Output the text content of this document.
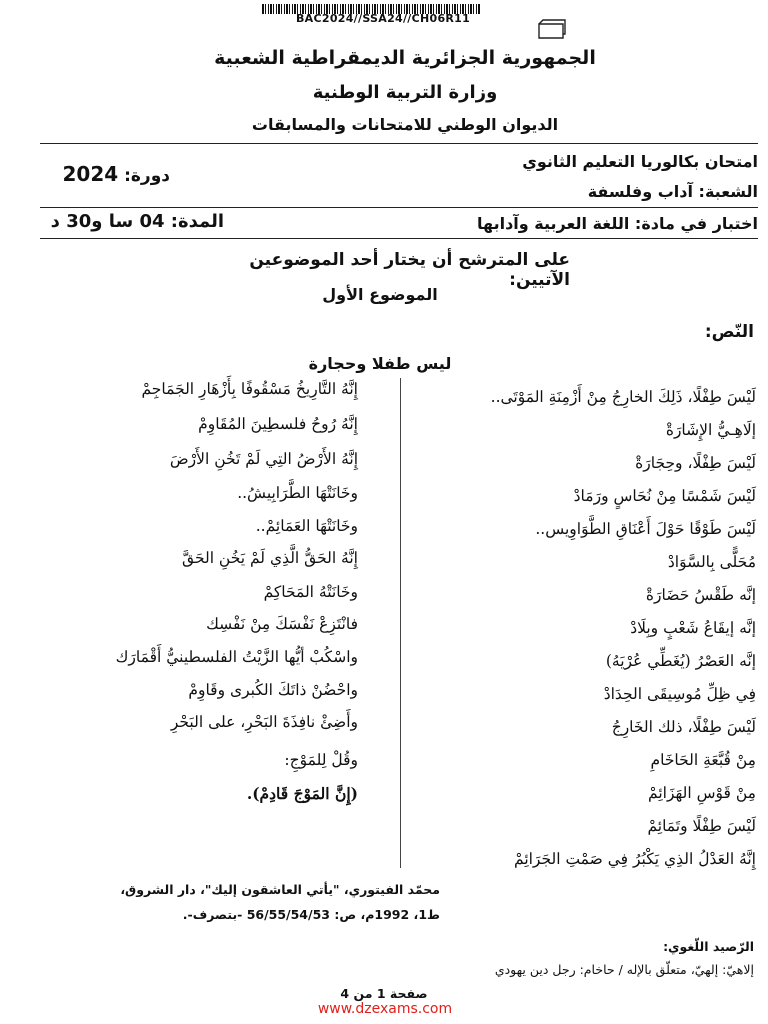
BAC2024//SSA24//CH06R11
الجمهورية الجزائرية الديمقراطية الشعبية
وزارة التربية الوطنية
الديوان الوطني للامتحانات والمسابقات
امتحان بكالوريا التعليم الثانوي
دورة: 2024
الشعبة: آداب وفلسفة
اختبار في مادة: اللغة العربية وآدابها
المدة: 04 سا و30 د
على المترشح أن يختار أحد الموضوعين الآتيين:
الموضوع الأول
النّص:
ليس طفلا وحجارة
لَيْسَ طِفْلًا، ذَلِكَ الخارِجُ مِنْ أَزْمِنَةِ المَوْتَى..
إلَاهِـيُّ الإِشَارَةْ
لَيْسَ طِفْلًا، وحِجَارَةْ
لَيْسَ شَمْسًا مِنْ نُحَاسٍ ورَمَادْ
لَيْسَ طَوْقًا حَوْلَ أَعْنَاقِ الطَّوَاوِيس..
مُحَلًّى بِالسَّوَادْ
إنَّه طَقْسُ حَضَارَةْ
إنَّه إيقَاعُ شَعْبٍ وبِلَادْ
إنَّه العَصْرُ (يُغَطِّي عُرْيَهُ)
فِي ظِلِّ مُوسِيقَى الحِدَادْ
لَيْسَ طِفْلًا، ذلك الخَارِجُ
مِنْ قُبَّعَةِ الحَاخَامِ
مِنْ قَوْسِ الهَزَائِمْ
لَيْسَ طِفْلًا وتَمَائِمْ
إِنَّهُ العَدْلُ الذِي يَكْبُرُ فِي صَمْتِ الجَرَائِمْ
إِنَّهُ التَّارِيخُ مَسْقُوفًا بِأَزْهَارِ الجَمَاجِمْ
إِنَّهُ رُوحُ فلسطِينَ المُقَاوِمْ
إِنَّهُ الأَرْضُ التِي لَمْ تَخُنِ الأَرْضَ
وخَانَتْهَا الطَّرَابِيشُ..
وخَانَتْهَا العَمَائِمْ..
إِنَّهُ الحَقُّ الَّذِي لَمْ يَخُنِ الحَقَّ
وخَانَتْهُ المَحَاكِمْ
فانْتَزِعْ نَفْسَكَ مِنْ نَفْسِك
واسْكُبْ أيُّها الزَّيْتُ الفلسطينيُّ أَقْمَارَك
واحْضُنْ ذاتَكَ الكُبرى وقَاوِمْ
وأَضِئْ نافِذَةَ البَحْرِ، على البَحْرِ
وقُلْ لِلمَوْجِ:
(إِنَّ المَوْجَ قَادِمْ).
محمّد الفيتوري، "يأتي العاشقون إليك"، دار الشروق،
ط1، 1992م، ص: 56/55/54/53 -بتصرف-.
الرّصيد اللّغوي:
إلاهيّ: إلهيّ، متعلّق بالإله / حاخام: رجل دين يهودي
صفحة 1 من 4
www.dzexams.com
